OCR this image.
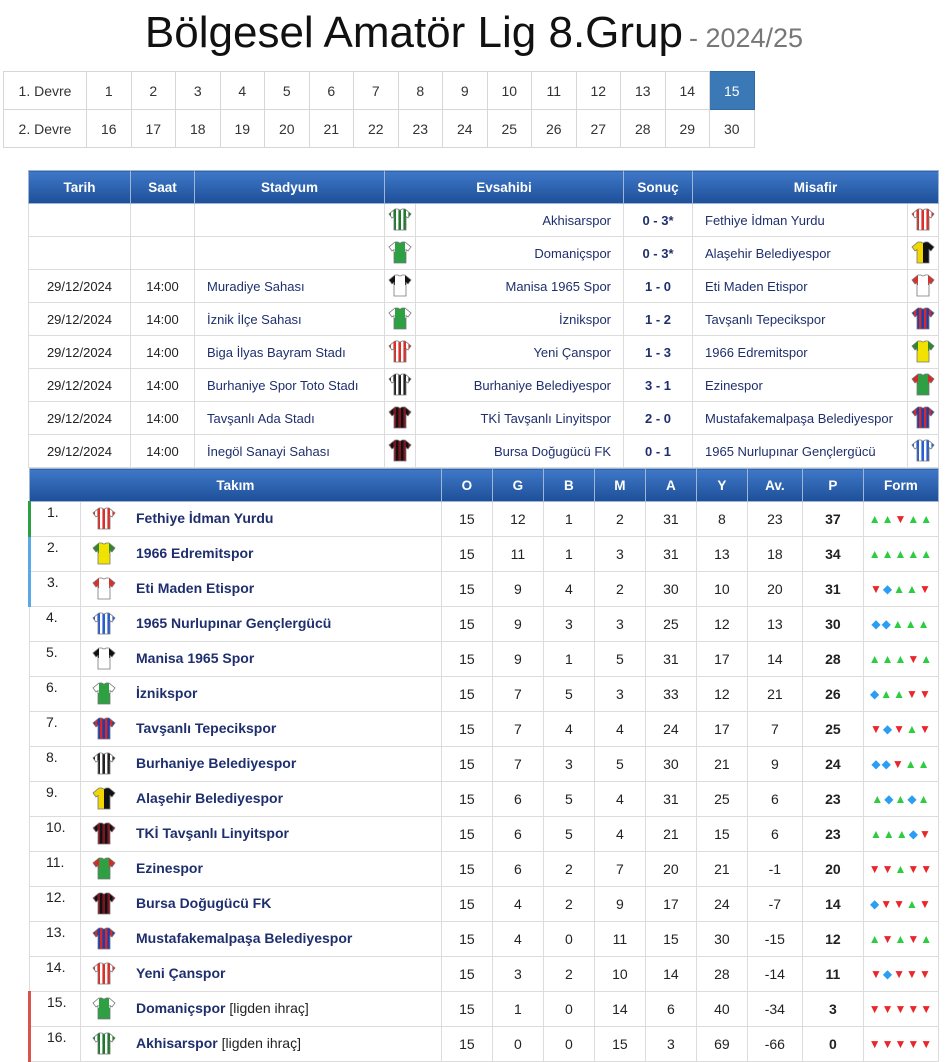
Bölgesel Amatör Lig 8.Grup - 2024/25
1. Devre	1	2	3	4	5	6	7	8	9	10	11	12	13	14	15
2. Devre	16	17	18	19	20	21	22	23	24	25	26	27	28	29	30
Tarih	Saat	Stadyum	Evsahibi		Sonuç	Misafir	
				Akhisarspor	0 - 3*	Fethiye İdman Yurdu	
				Domaniçspor	0 - 3*	Alaşehir Belediyespor	
29/12/2024	14:00	Muradiye Sahası		Manisa 1965 Spor	1 - 0	Eti Maden Etispor	
29/12/2024	14:00	İznik İlçe Sahası		İznikspor	1 - 2	Tavşanlı Tepecikspor	
29/12/2024	14:00	Biga İlyas Bayram Stadı		Yeni Çanspor	1 - 3	1966 Edremitspor	
29/12/2024	14:00	Burhaniye Spor Toto Stadı		Burhaniye Belediyespor	3 - 1	Ezinespor	
29/12/2024	14:00	Tavşanlı Ada Stadı		TKİ Tavşanlı Linyitspor	2 - 0	Mustafakemalpaşa Belediyespor	
29/12/2024	14:00	İnegöl Sanayi Sahası		Bursa Doğugücü FK	0 - 1	1965 Nurlupınar Gençlergücü	
Takım		O	G	B	M	A	Y	Av.	P	Form
1.	Fethiye İdman Yurdu	15	12	1	2	31	8	23	37	▲▲▼▲▲
2.	1966 Edremitspor	15	11	1	3	31	13	18	34	▲▲▲▲▲
3.	Eti Maden Etispor	15	9	4	2	30	10	20	31	▼◆▲▲▼
4.	1965 Nurlupınar Gençlergücü	15	9	3	3	25	12	13	30	◆◆▲▲▲
5.	Manisa 1965 Spor	15	9	1	5	31	17	14	28	▲▲▲▼▲
6.	İznikspor	15	7	5	3	33	12	21	26	◆▲▲▼▼
7.	Tavşanlı Tepecikspor	15	7	4	4	24	17	7	25	▼◆▼▲▼
8.	Burhaniye Belediyespor	15	7	3	5	30	21	9	24	◆◆▼▲▲
9.	Alaşehir Belediyespor	15	6	5	4	31	25	6	23	▲◆▲◆▲
10.	TKİ Tavşanlı Linyitspor	15	6	5	4	21	15	6	23	▲▲▲◆▼
11.	Ezinespor	15	6	2	7	20	21	-1	20	▼▼▲▼▼
12.	Bursa Doğugücü FK	15	4	2	9	17	24	-7	14	◆▼▼▲▼
13.	Mustafakemalpaşa Belediyespor	15	4	0	11	15	30	-15	12	▲▼▲▼▲
14.	Yeni Çanspor	15	3	2	10	14	28	-14	11	▼◆▼▼▼
15.	Domaniçspor [ligden ihraç]	15	1	0	14	6	40	-34	3	▼▼▼▼▼
16.	Akhisarspor [ligden ihraç]	15	0	0	15	3	69	-66	0	▼▼▼▼▼
